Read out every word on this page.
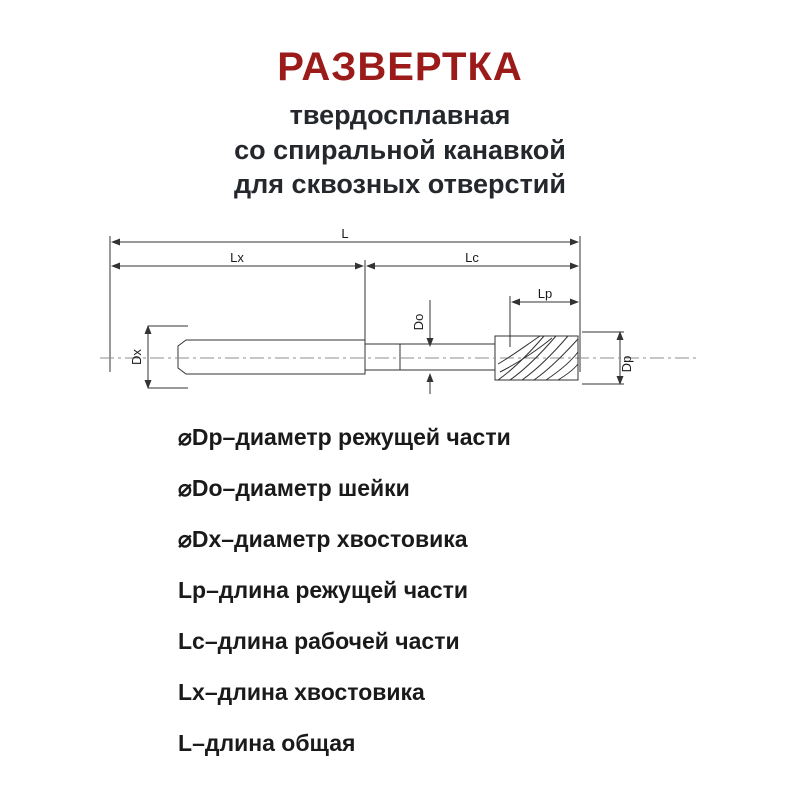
РАЗВЕРТКА
твердосплавная
со спиральной канавкой
для сквозных отверстий
L
Lx	Lc
Lp
Dx
Do
Dp
⌀Dp – диаметр режущей части
⌀Do – диаметр шейки
⌀Dx – диаметр хвостовика
Lp – длина режущей части
Lc – длина рабочей части
Lx – длина хвостовика
L – длина общая
